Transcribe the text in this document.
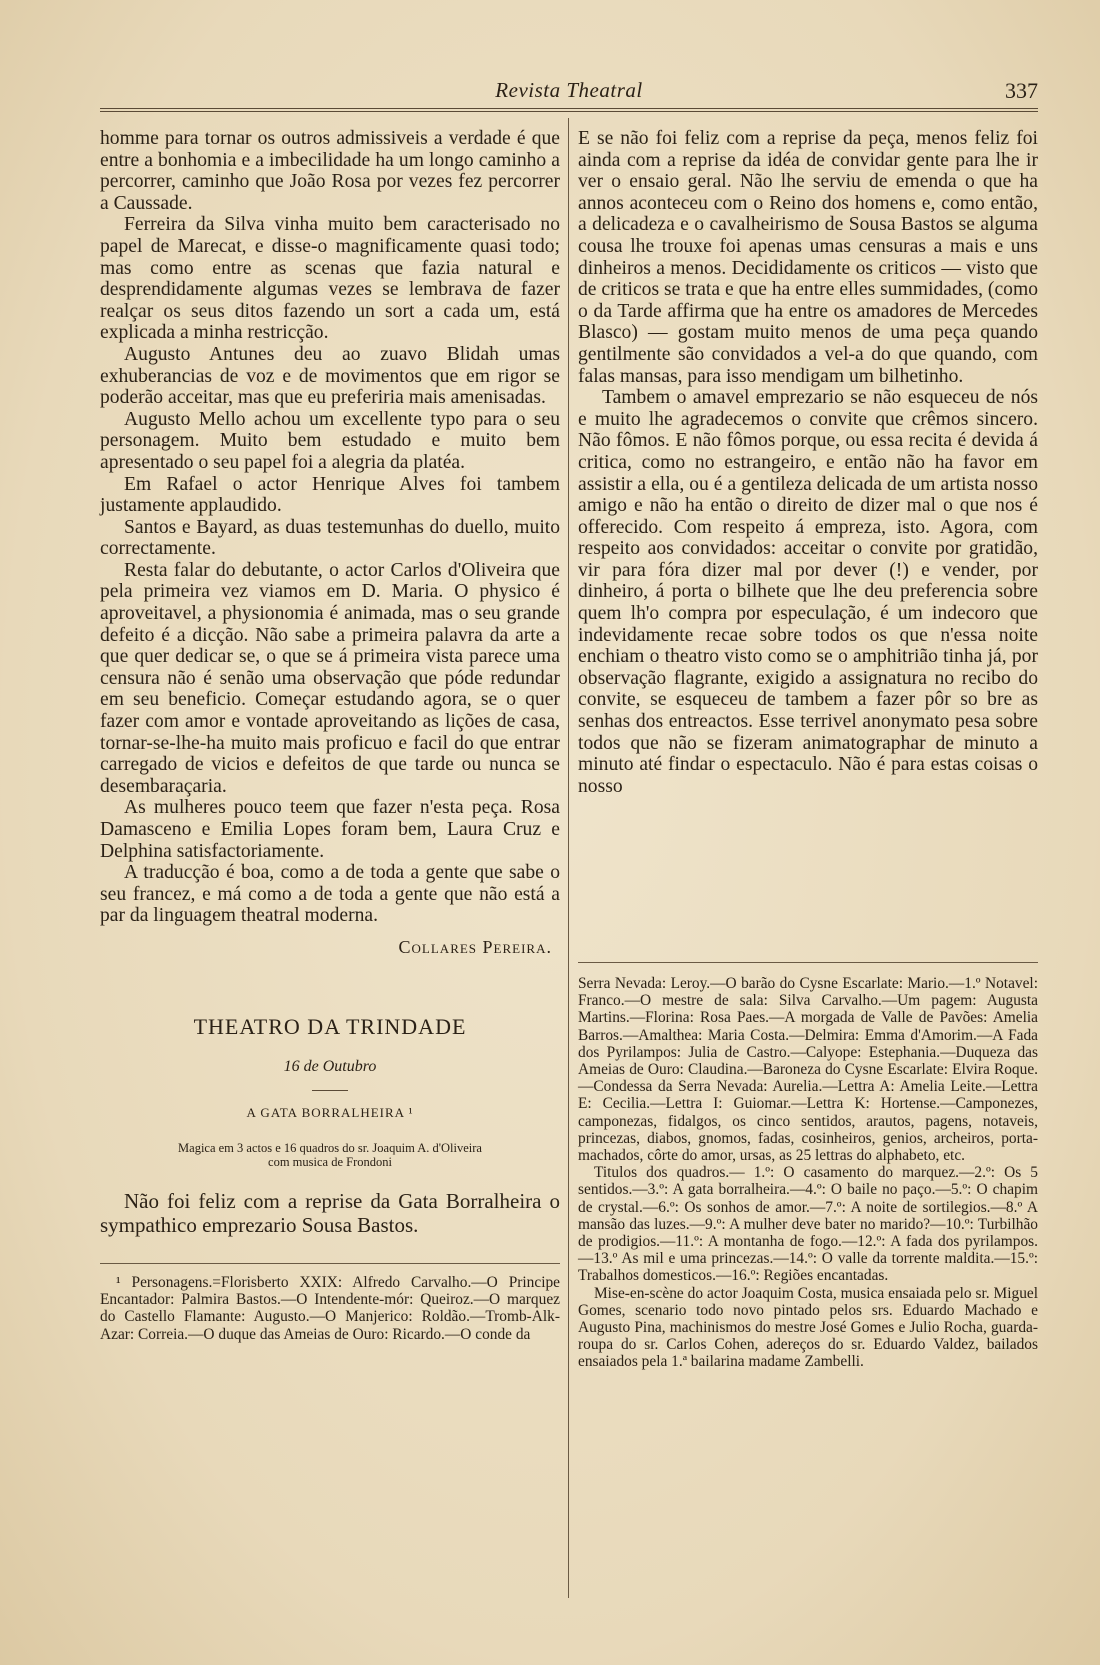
Revista Theatral	337

homme para tornar os outros admissiveis a verdade é que entre a bonhomia e a imbecilidade ha um longo caminho a percorrer, caminho que João Rosa por vezes fez percorrer a Caussade.

Ferreira da Silva vinha muito bem caracterisado no papel de Marecat, e disse-o magnificamente quasi todo; mas como entre as scenas que fazia natural e desprendidamente algumas vezes se lembrava de fazer realçar os seus ditos fazendo un sort a cada um, está explicada a minha restricção.

Augusto Antunes deu ao zuavo Blidah umas exhuberancias de voz e de movimentos que em rigor se poderão acceitar, mas que eu preferiria mais amenisadas.

Augusto Mello achou um excellente typo para o seu personagem. Muito bem estudado e muito bem apresentado o seu papel foi a alegria da platéa.

Em Rafael o actor Henrique Alves foi tambem justamente applaudido.

Santos e Bayard, as duas testemunhas do duello, muito correctamente.

Resta falar do debutante, o actor Carlos d'Oliveira que pela primeira vez viamos em D. Maria. O physico é aproveitavel, a physionomia é animada, mas o seu grande defeito é a dicção. Não sabe a primeira palavra da arte a que quer dedicar se, o que se á primeira vista parece uma censura não é senão uma observação que póde redundar em seu beneficio. Começar estudando agora, se o quer fazer com amor e vontade aproveitando as lições de casa, tornar-se-lhe-ha muito mais proficuo e facil do que entrar carregado de vicios e defeitos de que tarde ou nunca se desembaraçaria.

As mulheres pouco teem que fazer n'esta peça. Rosa Damasceno e Emilia Lopes foram bem, Laura Cruz e Delphina satisfactoriamente.

A traducção é boa, como a de toda a gente que sabe o seu francez, e má como a de toda a gente que não está a par da linguagem theatral moderna.

Collares Pereira.
THEATRO DA TRINDADE
16 de Outubro
A GATA BORRALHEIRA ¹
Magica em 3 actos e 16 quadros do sr. Joaquim A. d'Oliveira
com musica de Frondoni

Não foi feliz com a reprise da Gata Borralheira o sympathico emprezario Sousa Bastos.

¹ Personagens.=Florisberto XXIX: Alfredo Carvalho.—O Principe Encantador: Palmira Bastos.—O Intendente-mór: Queiroz.—O marquez do Castello Flamante: Augusto.—O Manjerico: Roldão.—Tromb-Alk-Azar: Correia.—O duque das Ameias de Ouro: Ricardo.—O conde da

E se não foi feliz com a reprise da peça, menos feliz foi ainda com a reprise da idéa de convidar gente para lhe ir ver o ensaio geral. Não lhe serviu de emenda o que ha annos aconteceu com o Reino dos homens e, como então, a delicadeza e o cavalheirismo de Sousa Bastos se alguma cousa lhe trouxe foi apenas umas censuras a mais e uns dinheiros a menos. Decididamente os criticos — visto que de criticos se trata e que ha entre elles summidades, (como o da Tarde affirma que ha entre os amadores de Mercedes Blasco) — gostam muito menos de uma peça quando gentilmente são convidados a vel-a do que quando, com falas mansas, para isso mendigam um bilhetinho.

Tambem o amavel emprezario se não esqueceu de nós e muito lhe agradecemos o convite que crêmos sincero. Não fômos. E não fômos porque, ou essa recita é devida á critica, como no estrangeiro, e então não ha favor em assistir a ella, ou é a gentileza delicada de um artista nosso amigo e não ha então o direito de dizer mal o que nos é offerecido. Com respeito á empreza, isto. Agora, com respeito aos convidados: acceitar o convite por gratidão, vir para fóra dizer mal por dever (!) e vender, por dinheiro, á porta o bilhete que lhe deu preferencia sobre quem lh'o compra por especulação, é um indecoro que indevidamente recae sobre todos os que n'essa noite enchiam o theatro visto como se o amphitrião tinha já, por observação flagrante, exigido a assignatura no recibo do convite, se esqueceu de tambem a fazer pôr so bre as senhas dos entreactos. Esse terrivel anonymato pesa sobre todos que não se fizeram animatographar de minuto a minuto até findar o espectaculo. Não é para estas coisas o nosso

Serra Nevada: Leroy.—O barão do Cysne Escarlate: Mario.—1.º Notavel: Franco.—O mestre de sala: Silva Carvalho.—Um pagem: Augusta Martins.—Florina: Rosa Paes.—A morgada de Valle de Pavões: Amelia Barros.—Amalthea: Maria Costa.—Delmira: Emma d'Amorim.—A Fada dos Pyrilampos: Julia de Castro.—Calyope: Estephania.—Duqueza das Ameias de Ouro: Claudina.—Baroneza do Cysne Escarlate: Elvira Roque.—Condessa da Serra Nevada: Aurelia.—Lettra A: Amelia Leite.—Lettra E: Cecilia.—Lettra I: Guiomar.—Lettra K: Hortense.—Camponezes, camponezas, fidalgos, os cinco sentidos, arautos, pagens, notaveis, princezas, diabos, gnomos, fadas, cosinheiros, genios, archeiros, porta-machados, côrte do amor, ursas, as 25 lettras do alphabeto, etc.

Titulos dos quadros.— 1.º: O casamento do marquez.—2.º: Os 5 sentidos.—3.º: A gata borralheira.—4.º: O baile no paço.—5.º: O chapim de crystal.—6.º: Os sonhos de amor.—7.º: A noite de sortilegios.—8.º A mansão das luzes.—9.º: A mulher deve bater no marido?—10.º: Turbilhão de prodigios.—11.º: A montanha de fogo.—12.º: A fada dos pyrilampos.—13.º As mil e uma princezas.—14.º: O valle da torrente maldita.—15.º: Trabalhos domesticos.—16.º: Regiões encantadas.

Mise-en-scène do actor Joaquim Costa, musica ensaiada pelo sr. Miguel Gomes, scenario todo novo pintado pelos srs. Eduardo Machado e Augusto Pina, machinismos do mestre José Gomes e Julio Rocha, guarda-roupa do sr. Carlos Cohen, adereços do sr. Eduardo Valdez, bailados ensaiados pela 1.ª bailarina madame Zambelli.
